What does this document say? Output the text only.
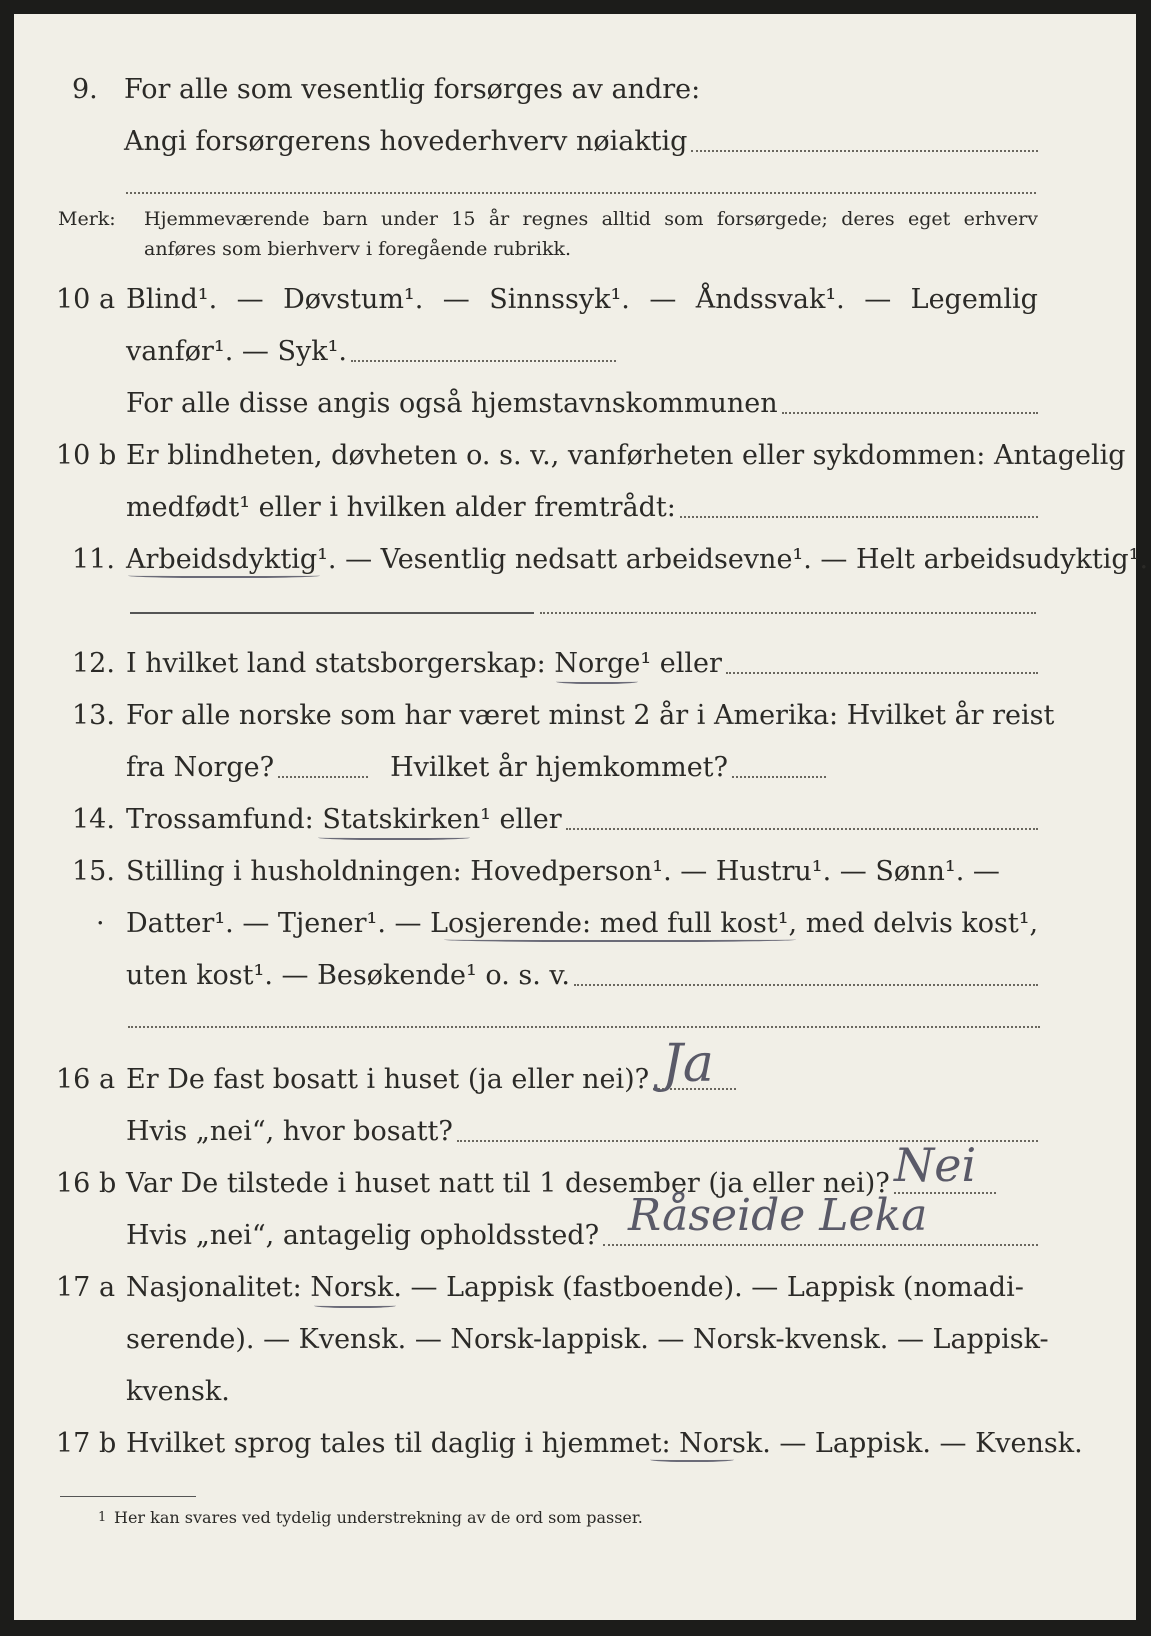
9. For alle som vesentlig forsørges av andre:
Angi forsørgerens hovederhverv nøiaktig
Merk: Hjemmeværende barn under 15 år regnes alltid som forsørgede; deres eget erhverv
anføres som bierhverv i foregående rubrikk.
10 a Blind¹. — Døvstum¹. — Sinnssyk¹. — Åndssvak¹. — Legemlig
vanfør¹. — Syk¹.
For alle disse angis også hjemstavnskommunen
10 b Er blindheten, døvheten o. s. v., vanførheten eller sykdommen: Antagelig
medfødt¹ eller i hvilken alder fremtrådt:
11. Arbeidsdyktig¹. — Vesentlig nedsatt arbeidsevne¹. — Helt arbeidsudyktig¹.
12. I hvilket land statsborgerskap: Norge¹ eller
13. For alle norske som har været minst 2 år i Amerika: Hvilket år reist
fra Norge?	Hvilket år hjemkommet?
14. Trossamfund: Statskirken¹ eller
15. Stilling i husholdningen: Hovedperson¹. — Hustru¹. — Sønn¹. —
· Datter¹. — Tjener¹. — Losjerende: med full kost¹, med delvis kost¹,
uten kost¹. — Besøkende¹ o. s. v.
16 a Er De fast bosatt i huset (ja eller nei)? Ja
Hvis „nei“, hvor bosatt?
16 b Var De tilstede i huset natt til 1 desember (ja eller nei)? Nei
Hvis „nei“, antagelig opholdssted? Råseide Leka
17 a Nasjonalitet: Norsk. — Lappisk (fastboende). — Lappisk (nomadi-
serende). — Kvensk. — Norsk-lappisk. — Norsk-kvensk. — Lappisk-
kvensk.
17 b Hvilket sprog tales til daglig i hjemmet: Norsk. — Lappisk. — Kvensk.
1 Her kan svares ved tydelig understrekning av de ord som passer.
